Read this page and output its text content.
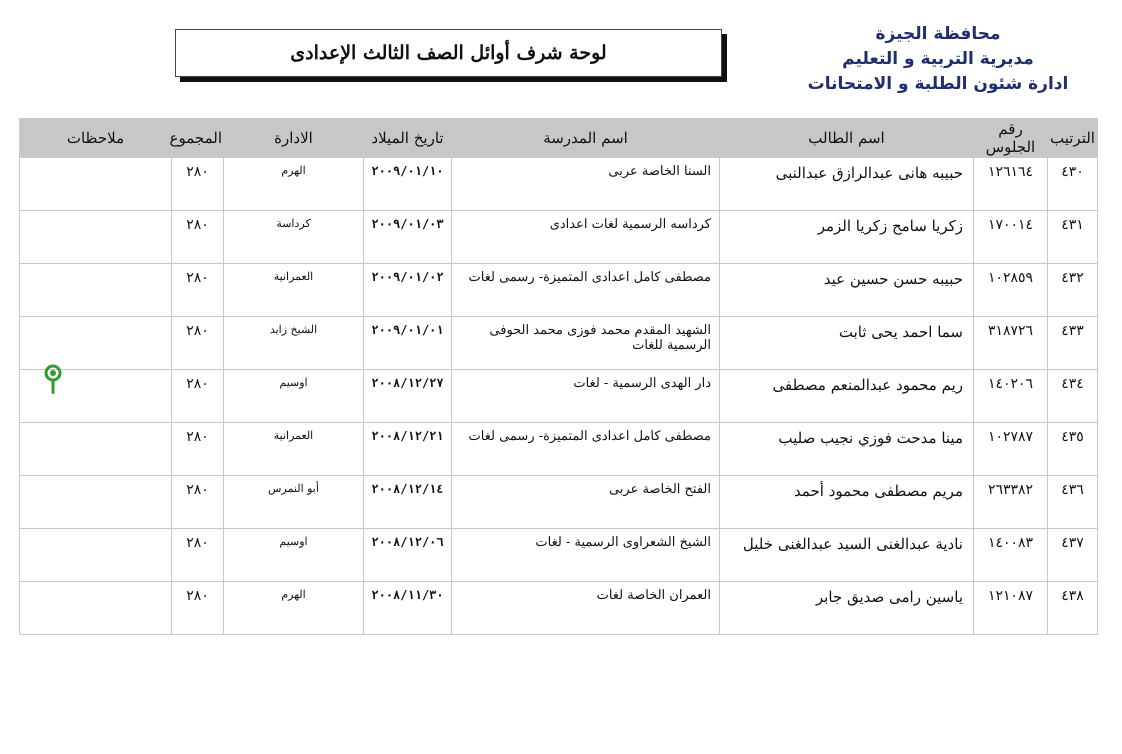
محافظة الجيزة
مديرية التربية و التعليم
ادارة شئون الطلبة و الامتحانات
لوحة شرف أوائل الصف الثالث الإعدادى
الترتيب	رقم الجلوس	اسم الطالب	اسم المدرسة	تاريخ الميلاد	الادارة	المجموع	ملاحظات
٤٣٠	١٢٦١٦٤	حبيبه هانى عبدالرازق عبدالنبى	السنا الخاصة عربى	٢٠٠٩/٠١/١٠	الهرم	٢٨٠	
٤٣١	١٧٠٠١٤	زكريا سامح زكريا الزمر	كرداسه الرسمية لغات اعدادى	٢٠٠٩/٠١/٠٣	كرداسة	٢٨٠	
٤٣٢	١٠٢٨٥٩	حبيبه حسن حسين عيد	مصطفى كامل اعدادى المتميزة- رسمى لغات	٢٠٠٩/٠١/٠٢	العمرانية	٢٨٠	
٤٣٣	٣١٨٧٢٦	سما احمد يحى ثابت	الشهيد المقدم محمد فوزى محمد الحوفى الرسمية للغات	٢٠٠٩/٠١/٠١	الشيخ زايد	٢٨٠	
٤٣٤	١٤٠٢٠٦	ريم محمود عبدالمنعم مصطفى	دار الهدى الرسمية - لغات	٢٠٠٨/١٢/٢٧	اوسيم	٢٨٠	
٤٣٥	١٠٢٧٨٧	مينا مدحت فوزي نجيب صليب	مصطفى كامل اعدادى المتميزة- رسمى لغات	٢٠٠٨/١٢/٢١	العمرانية	٢٨٠	
٤٣٦	٢٦٣٣٨٢	مريم مصطفى محمود أحمد	الفتح الخاصة عربى	٢٠٠٨/١٢/١٤	أبو النمرس	٢٨٠	
٤٣٧	١٤٠٠٨٣	نادية عبدالغنى السيد عبدالغنى خليل	الشيخ الشعراوى الرسمية - لغات	٢٠٠٨/١٢/٠٦	اوسيم	٢٨٠	
٤٣٨	١٢١٠٨٧	ياسين رامى صديق جابر	العمران الخاصة لغات	٢٠٠٨/١١/٣٠	الهرم	٢٨٠	
